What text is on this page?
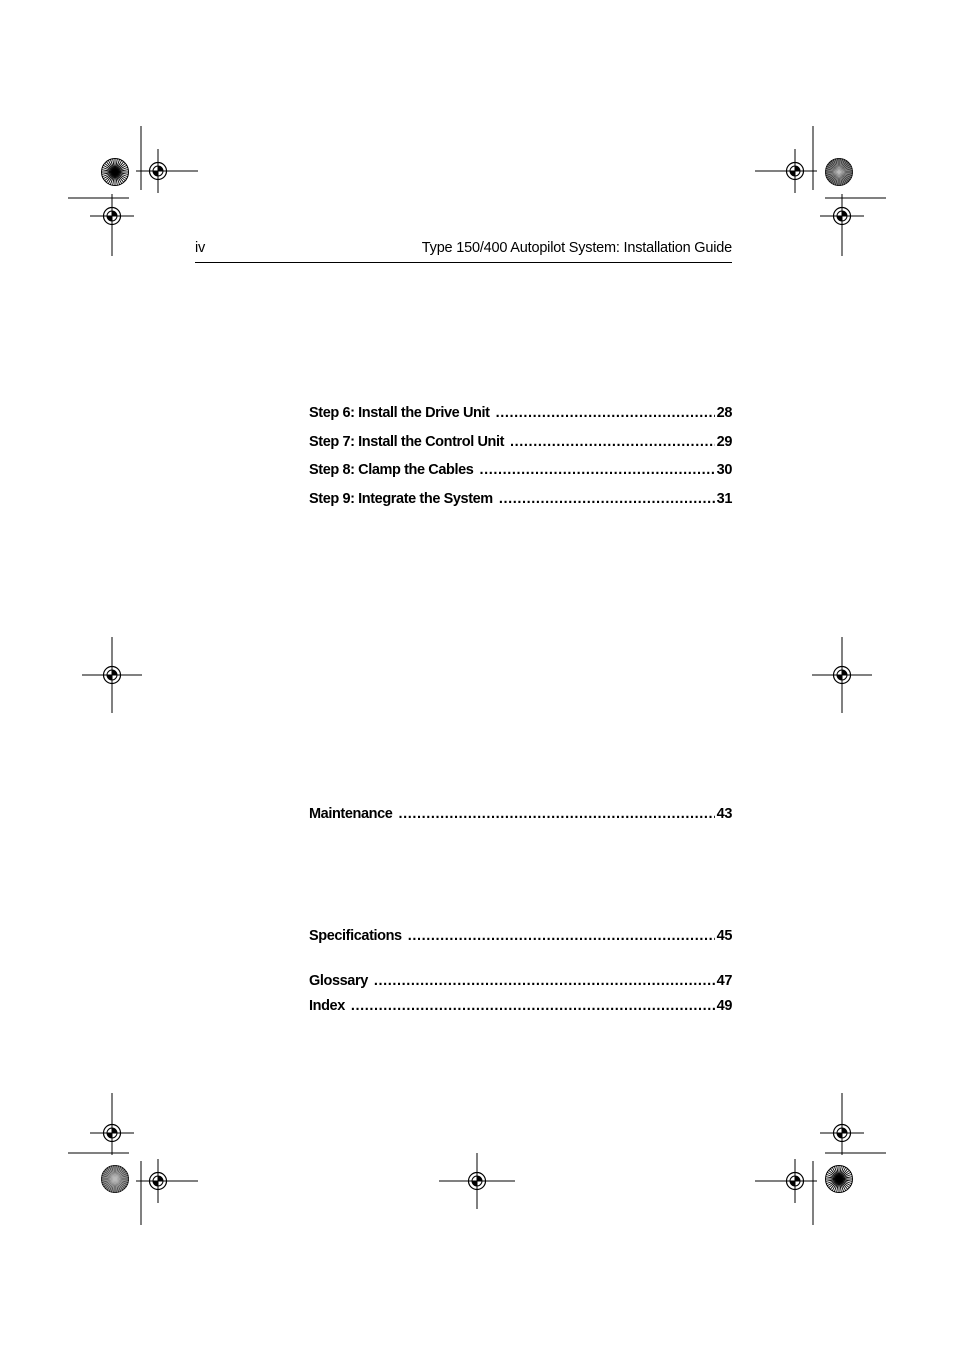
iv	Type 150/400 Autopilot System: Installation Guide
Step 6: Install the Drive Unit .....	28
Step 7: Install the Control Unit .....	29
Step 8: Clamp the Cables .....	30
Step 9: Integrate the System .....	31
Maintenance .....	43
Specifications .....	45
Glossary .....	47
Index .....	49
